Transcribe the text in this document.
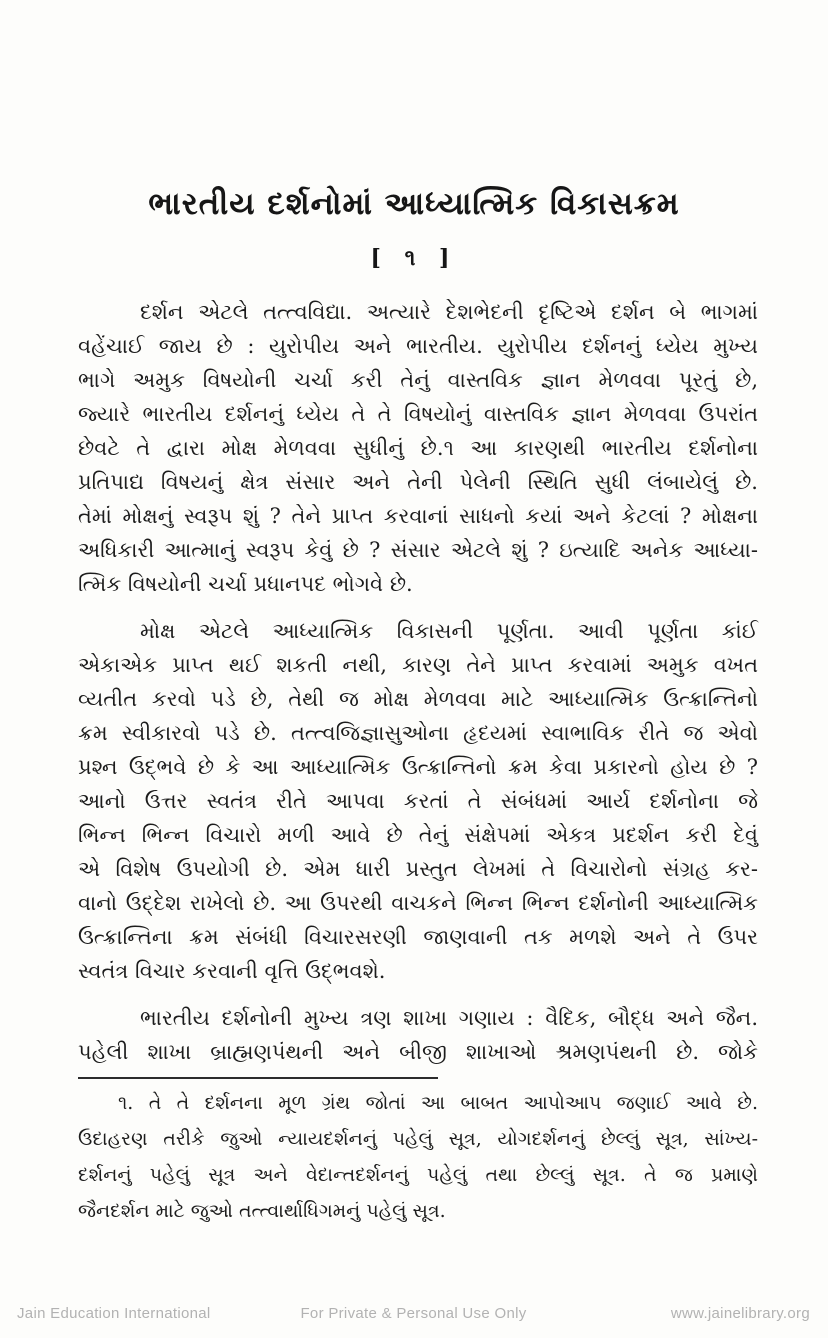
ભારતીય દર્શનોમાં આધ્યાત્મિક વિકાસક્રમ
[ ૧ ]
દર્શન એટલે તત્ત્વવિદ્યા. અત્યારે દેશભેદની દૃષ્ટિએ દર્શન બે ભાગમાં
વહેંચાઈ જાય છે : યુરોપીય અને ભારતીય. યુરોપીય દર્શનનું ધ્યેય મુખ્ય
ભાગે અમુક વિષયોની ચર્ચા કરી તેનું વાસ્તવિક જ્ઞાન મેળવવા પૂરતું છે,
જ્યારે ભારતીય દર્શનનું ધ્યેય તે તે વિષયોનું વાસ્તવિક જ્ઞાન મેળવવા ઉપરાંત
છેવટે તે દ્વારા મોક્ષ મેળવવા સુધીનું છે.૧ આ કારણથી ભારતીય દર્શનોના
પ્રતિપાદ્ય વિષયનું ક્ષેત્ર સંસાર અને તેની પેલેની સ્થિતિ સુધી લંબાયેલું છે.
તેમાં મોક્ષનું સ્વરૂપ શું ? તેને પ્રાપ્ત કરવાનાં સાધનો કયાં અને કેટલાં ? મોક્ષના
અધિકારી આત્માનું સ્વરૂપ કેવું છે ? સંસાર એટલે શું ? ઇત્યાદિ અનેક આધ્યા-
ત્મિક વિષયોની ચર્ચા પ્રધાનપદ ભોગવે છે.
મોક્ષ એટલે આધ્યાત્મિક વિકાસની પૂર્ણતા. આવી પૂર્ણતા કાંઈ
એકાએક પ્રાપ્ત થઈ શકતી નથી, કારણ તેને પ્રાપ્ત કરવામાં અમુક વખત
વ્યતીત કરવો પડે છે, તેથી જ મોક્ષ મેળવવા માટે આધ્યાત્મિક ઉત્ક્રાન્તિનો
ક્રમ સ્વીકારવો પડે છે. તત્ત્વજિજ્ઞાસુઓના હૃદયમાં સ્વાભાવિક રીતે જ એવો
પ્રશ્ન ઉદ્ભવે છે કે આ આધ્યાત્મિક ઉત્ક્રાન્તિનો ક્રમ કેવા પ્રકારનો હોય છે ?
આનો ઉત્તર સ્વતંત્ર રીતે આપવા કરતાં તે સંબંધમાં આર્ય દર્શનોના જે
ભિન્ન ભિન્ન વિચારો મળી આવે છે તેનું સંક્ષેપમાં એકત્ર પ્રદર્શન કરી દેવું
એ વિશેષ ઉપયોગી છે. એમ ધારી પ્રસ્તુત લેખમાં તે વિચારોનો સંગ્રહ કર-
વાનો ઉદ્દેશ રાખેલો છે. આ ઉપરથી વાચકને ભિન્ન ભિન્ન દર્શનોની આધ્યાત્મિક
ઉત્ક્રાન્તિના ક્રમ સંબંધી વિચારસરણી જાણવાની તક મળશે અને તે ઉપર
સ્વતંત્ર વિચાર કરવાની વૃત્તિ ઉદ્ભવશે.
ભારતીય દર્શનોની મુખ્ય ત્રણ શાખા ગણાય : વૈદિક, બૌદ્ધ અને જૈન.
પહેલી શાખા બ્રાહ્મણપંથની અને બીજી શાખાઓ શ્રમણપંથની છે. જોકે
૧. તે તે દર્શનના મૂળ ગ્રંથ જોતાં આ બાબત આપોઆપ જણાઈ આવે છે.
ઉદાહરણ તરીકે જુઓ ન્યાયદર્શનનું પહેલું સૂત્ર, યોગદર્શનનું છેલ્લું સૂત્ર, સાંખ્ય-
દર્શનનું પહેલું સૂત્ર અને વેદાન્તદર્શનનું પહેલું તથા છેલ્લું સૂત્ર. તે જ પ્રમાણે
જૈનદર્શન માટે જુઓ તત્ત્વાર્થાધિગમનું પહેલું સૂત્ર.
Jain Education International	For Private & Personal Use Only	www.jainelibrary.org
